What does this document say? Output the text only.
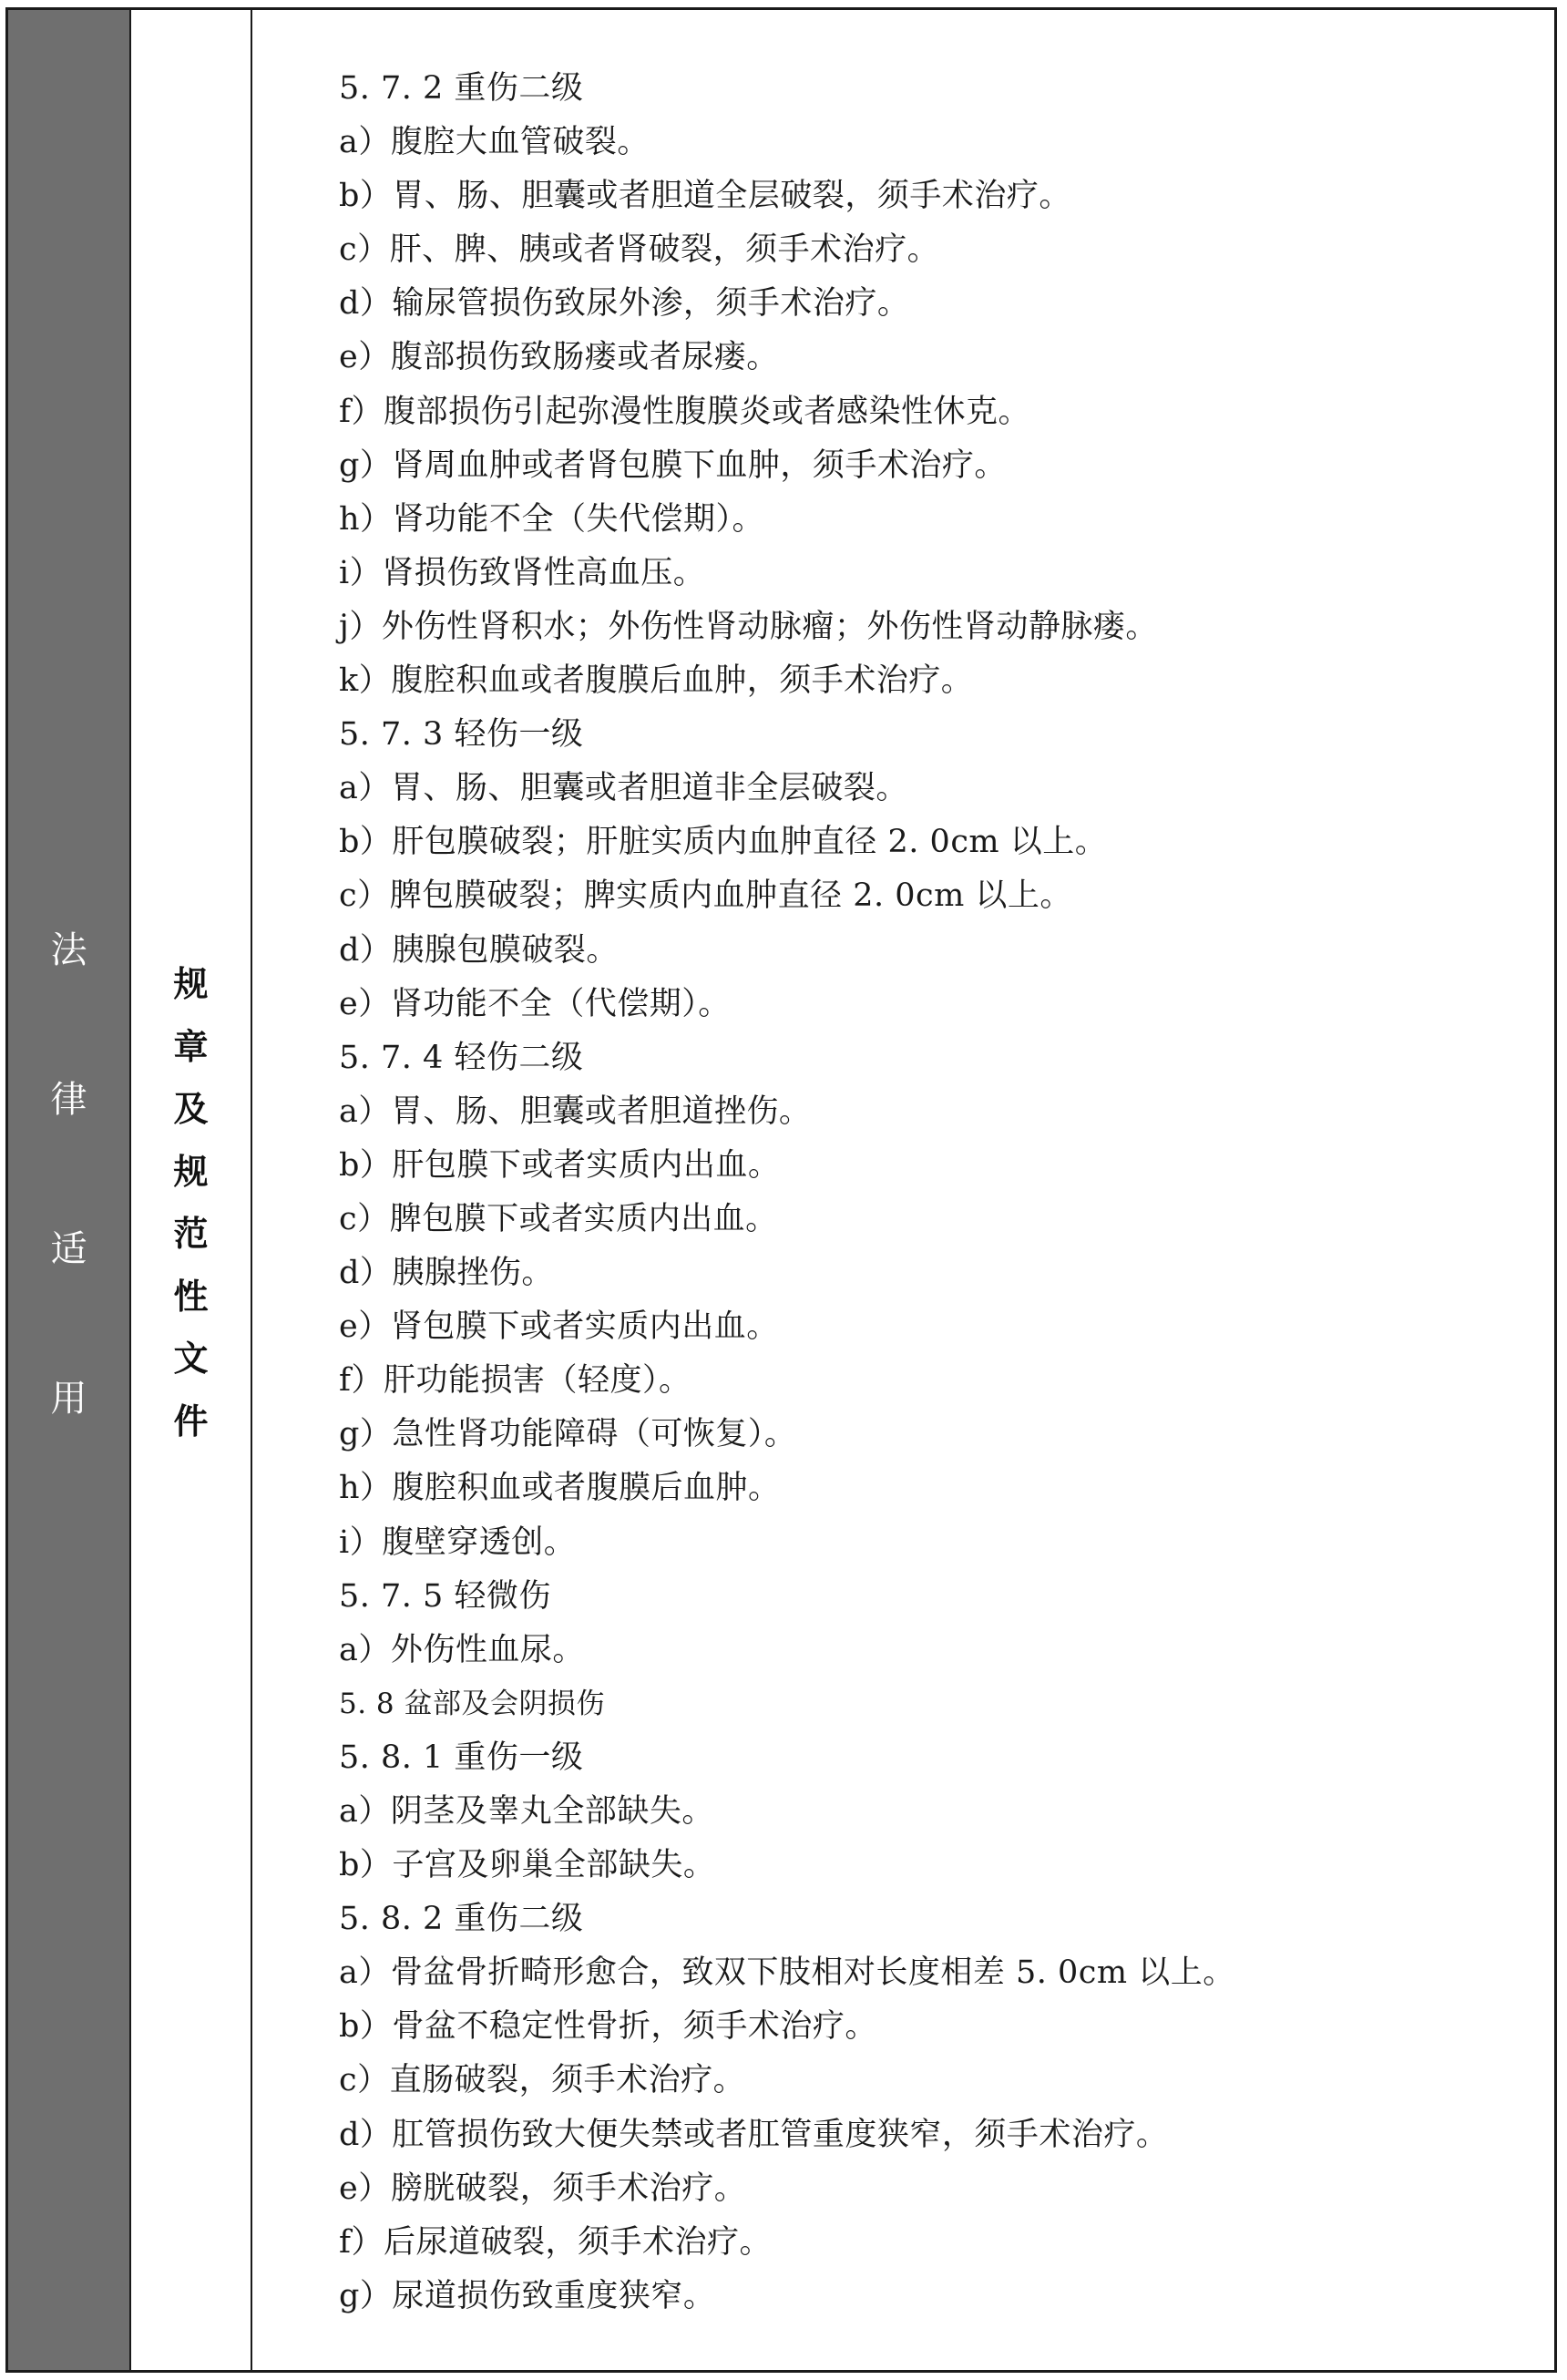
法
律
适
用
规
章
及
规
范
性
文
件
5. 7. 2 重伤二级
a）腹腔大血管破裂。
b）胃、肠、胆囊或者胆道全层破裂，须手术治疗。
c）肝、脾、胰或者肾破裂，须手术治疗。
d）输尿管损伤致尿外渗，须手术治疗。
e）腹部损伤致肠瘘或者尿瘘。
f）腹部损伤引起弥漫性腹膜炎或者感染性休克。
g）肾周血肿或者肾包膜下血肿，须手术治疗。
h）肾功能不全（失代偿期）。
i）肾损伤致肾性高血压。
j）外伤性肾积水；外伤性肾动脉瘤；外伤性肾动静脉瘘。
k）腹腔积血或者腹膜后血肿，须手术治疗。
5. 7. 3 轻伤一级
a）胃、肠、胆囊或者胆道非全层破裂。
b）肝包膜破裂；肝脏实质内血肿直径 2. 0cm 以上。
c）脾包膜破裂；脾实质内血肿直径 2. 0cm 以上。
d）胰腺包膜破裂。
e）肾功能不全（代偿期）。
5. 7. 4 轻伤二级
a）胃、肠、胆囊或者胆道挫伤。
b）肝包膜下或者实质内出血。
c）脾包膜下或者实质内出血。
d）胰腺挫伤。
e）肾包膜下或者实质内出血。
f）肝功能损害（轻度）。
g）急性肾功能障碍（可恢复）。
h）腹腔积血或者腹膜后血肿。
i）腹壁穿透创。
5. 7. 5 轻微伤
a）外伤性血尿。
5. 8 盆部及会阴损伤
5. 8. 1 重伤一级
a）阴茎及睾丸全部缺失。
b）子宫及卵巢全部缺失。
5. 8. 2 重伤二级
a）骨盆骨折畸形愈合，致双下肢相对长度相差 5. 0cm 以上。
b）骨盆不稳定性骨折，须手术治疗。
c）直肠破裂，须手术治疗。
d）肛管损伤致大便失禁或者肛管重度狭窄，须手术治疗。
e）膀胱破裂，须手术治疗。
f）后尿道破裂，须手术治疗。
g）尿道损伤致重度狭窄。
